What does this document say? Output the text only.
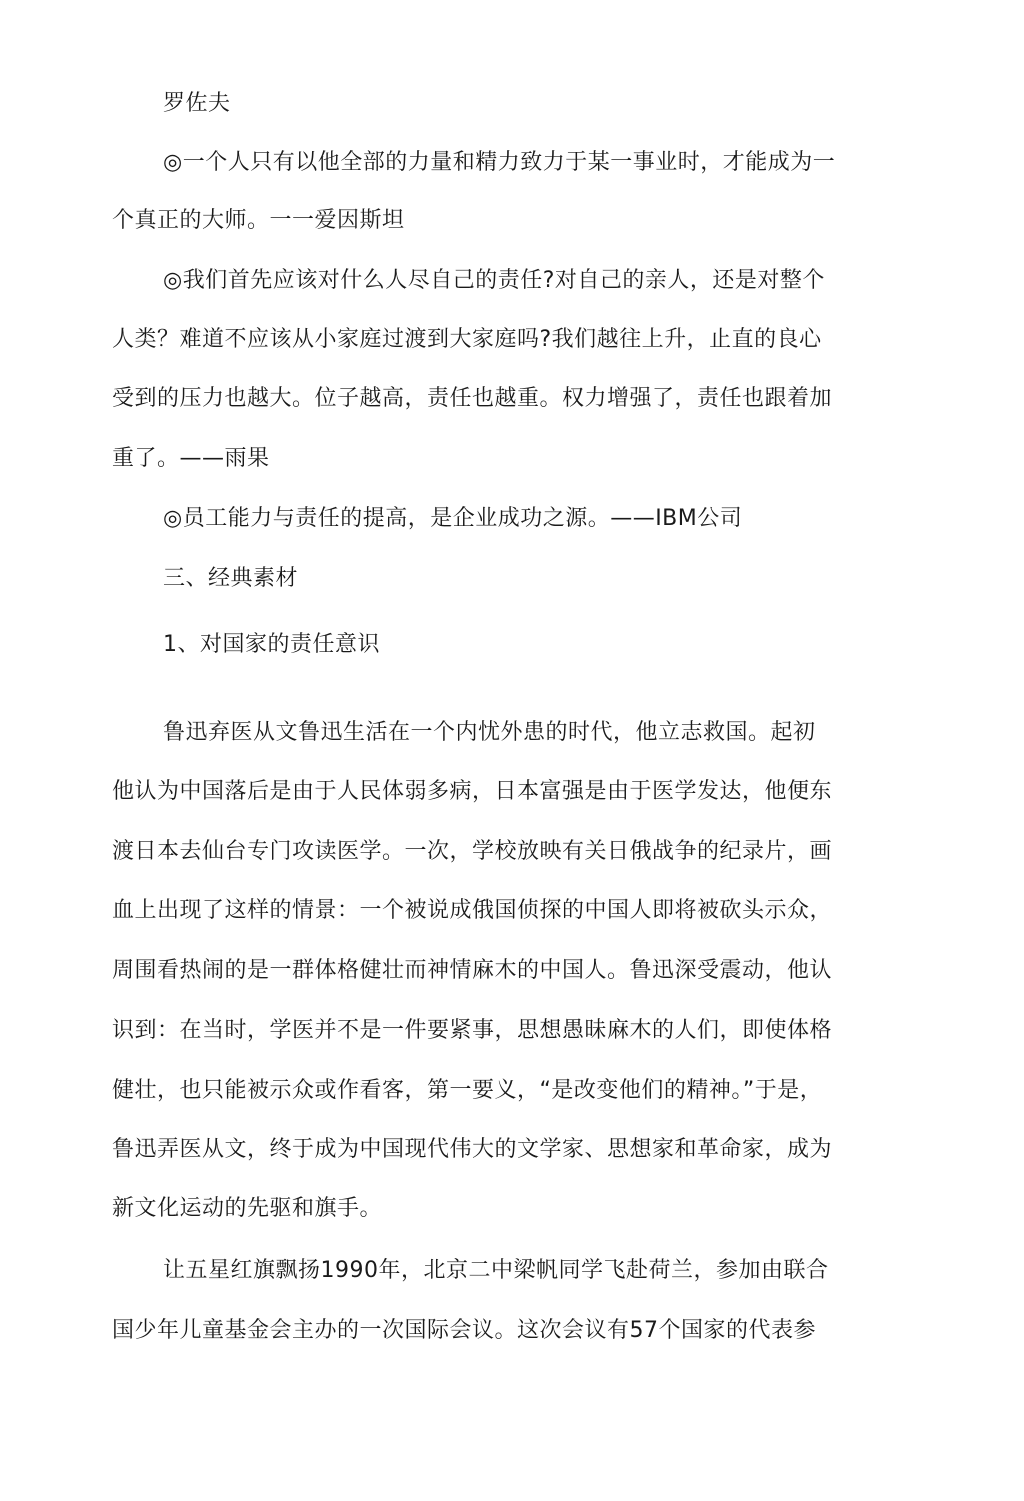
罗佐夫

◎一个人只有以他全部的力量和精力致力于某一事业时，才能成为一

个真正的大师。一一爱因斯坦

◎我们首先应该对什么人尽自己的责任?对自己的亲人，还是对整个

人类？难道不应该从小家庭过渡到大家庭吗?我们越往上升，止直的良心

受到的压力也越大。位子越高，责任也越重。权力增强了，责任也跟着加

重了。——雨果

◎员工能力与责任的提高，是企业成功之源。——IBM公司

三、经典素材

1、对国家的责任意识

鲁迅弃医从文鲁迅生活在一个内忧外患的时代，他立志救国。起初

他认为中国落后是由于人民体弱多病，日本富强是由于医学发达，他便东

渡日本去仙台专门攻读医学。一次，学校放映有关日俄战争的纪录片，画

血上出现了这样的情景：一个被说成俄国侦探的中国人即将被砍头示众，

周围看热闹的是一群体格健壮而神情麻木的中国人。鲁迅深受震动，他认

识到：在当时，学医并不是一件要紧事，思想愚昧麻木的人们，即使体格

健壮，也只能被示众或作看客，第一要义，“是改变他们的精神。”于是，

鲁迅弄医从文，终于成为中国现代伟大的文学家、思想家和革命家，成为

新文化运动的先驱和旗手。

让五星红旗飘扬1990年，北京二中梁帆同学飞赴荷兰，参加由联合

国少年儿童基金会主办的一次国际会议。这次会议有57个国家的代表参
